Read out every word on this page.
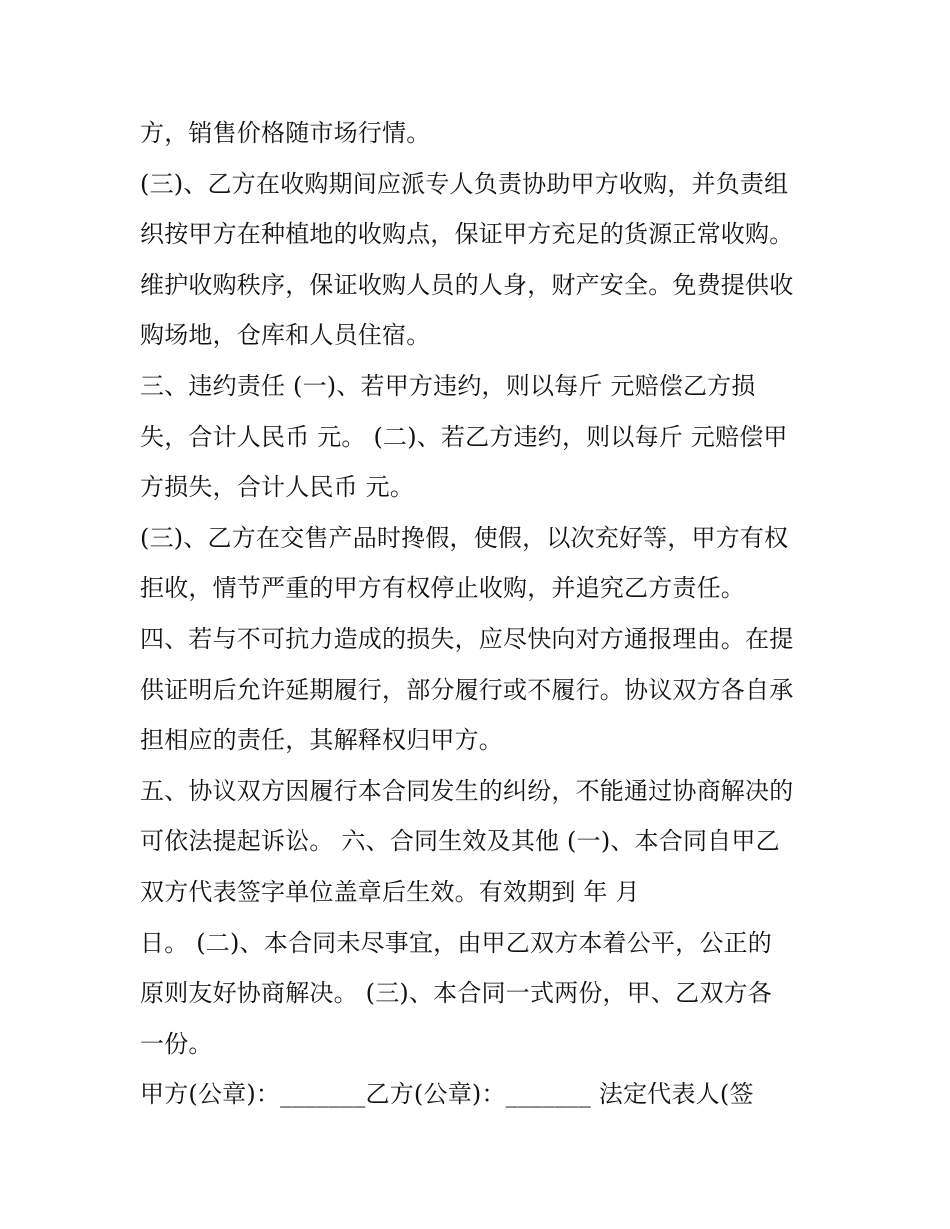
方，销售价格随市场行情。
(三)、乙方在收购期间应派专人负责协助甲方收购，并负责组
织按甲方在种植地的收购点，保证甲方充足的货源正常收购。
维护收购秩序，保证收购人员的人身，财产安全。免费提供收
购场地，仓库和人员住宿。
三、违约责任 (一)、若甲方违约，则以每斤 元赔偿乙方损
失，合计人民币 元。 (二)、若乙方违约，则以每斤 元赔偿甲
方损失，合计人民币 元。
(三)、乙方在交售产品时搀假，使假，以次充好等，甲方有权
拒收，情节严重的甲方有权停止收购，并追究乙方责任。
四、若与不可抗力造成的损失，应尽快向对方通报理由。在提
供证明后允许延期履行，部分履行或不履行。协议双方各自承
担相应的责任，其解释权归甲方。
五、协议双方因履行本合同发生的纠纷，不能通过协商解决的
可依法提起诉讼。 六、合同生效及其他 (一)、本合同自甲乙
双方代表签字单位盖章后生效。有效期到 年 月
日。 (二)、本合同未尽事宜，由甲乙双方本着公平，公正的
原则友好协商解决。 (三)、本合同一式两份，甲、乙双方各
一份。
甲方(公章)：_______乙方(公章)：_______ 法定代表人(签
